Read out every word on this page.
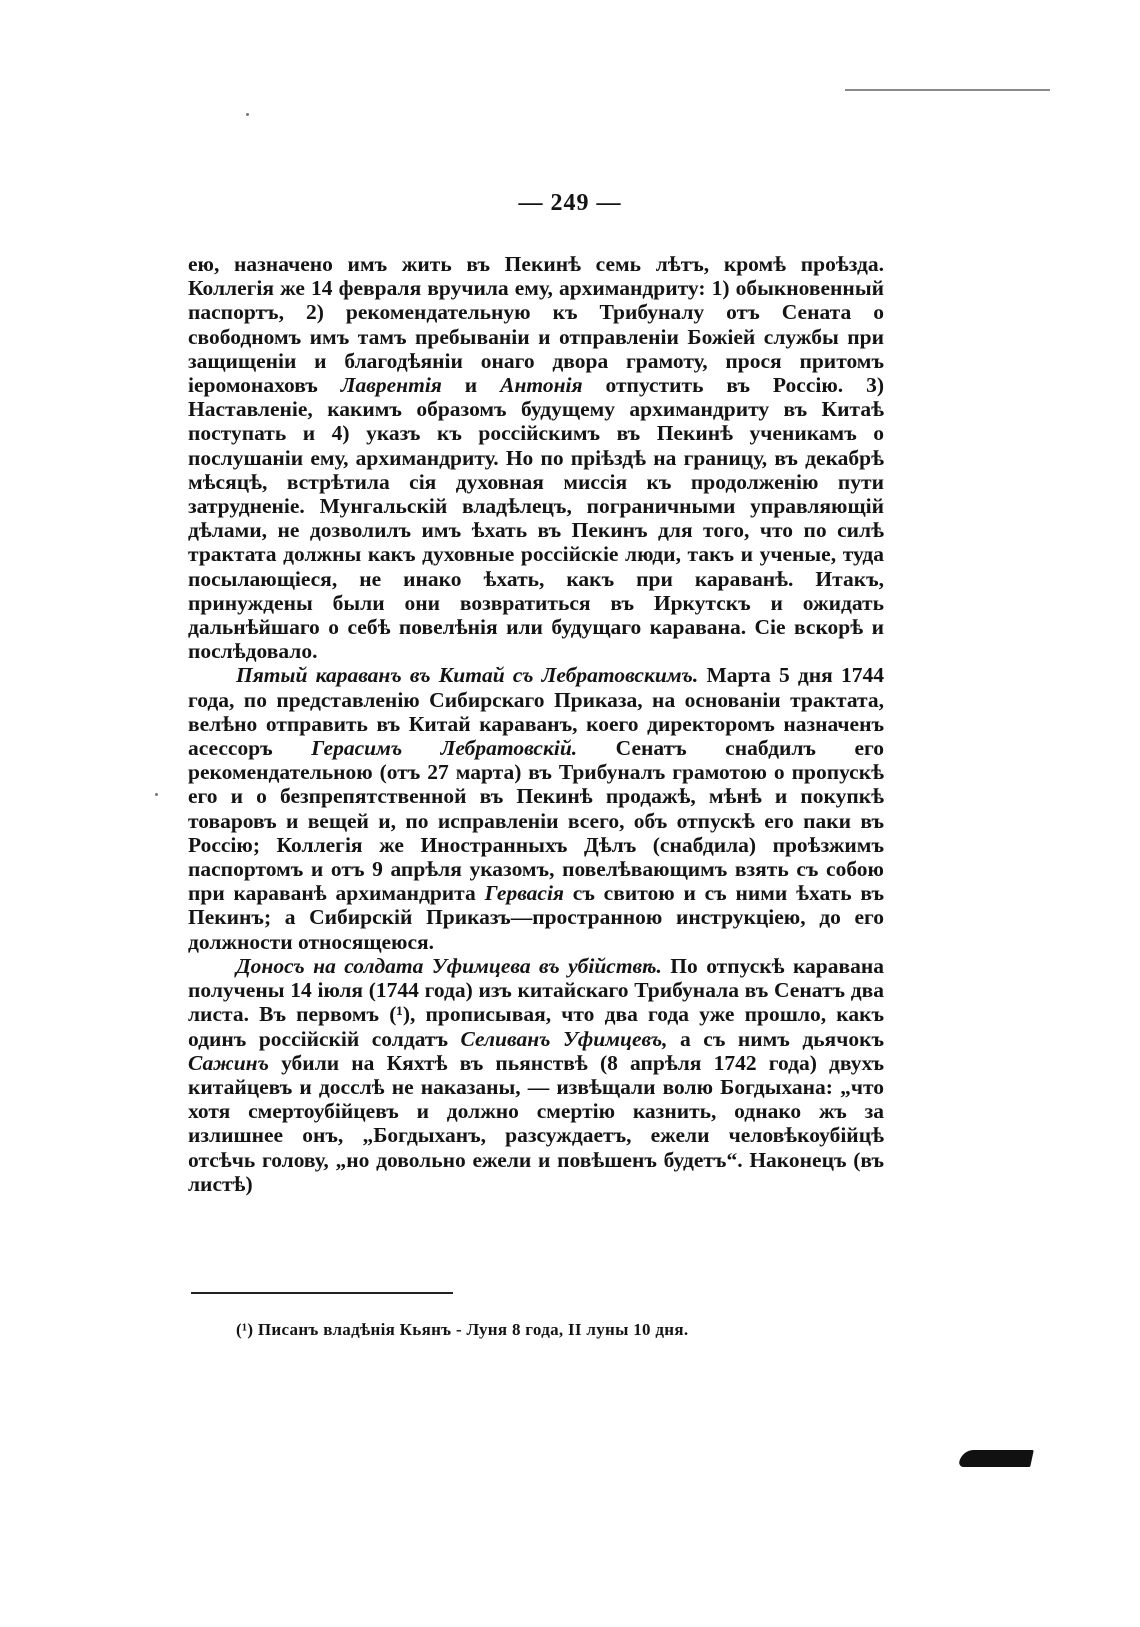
— 249 —

ею, назначено имъ жить въ Пекинѣ семь лѣтъ, кромѣ проѣзда. Коллегія же 14 февраля вручила ему, архимандриту: 1) обыкновенный паспортъ, 2) рекомендательную къ Трибуналу отъ Сената о свободномъ имъ тамъ пребываніи и отправленіи Божіей службы при защищеніи и благодѣяніи онаго двора грамоту, прося притомъ іеромонаховъ Лаврентія и Антонія отпустить въ Россію. 3) Наставленіе, какимъ образомъ будущему архимандриту въ Китаѣ поступать и 4) указъ къ россійскимъ въ Пекинѣ ученикамъ о послушаніи ему, архимандриту. Но по пріѣздѣ на границу, въ декабрѣ мѣсяцѣ, встрѣтила сія духовная миссія къ продолженію пути затрудненіе. Мунгальскій владѣлецъ, пограничными управляющій дѣлами, не дозволилъ имъ ѣхать въ Пекинъ для того, что по силѣ трактата должны какъ духовные россійскіе люди, такъ и ученые, туда посылающіеся, не инако ѣхать, какъ при караванѣ. Итакъ, принуждены были они возвратиться въ Иркутскъ и ожидать дальнѣйшаго о себѣ повелѣнія или будущаго каравана. Сіе вскорѣ и послѣдовало.

Пятый караванъ въ Китай съ Лебратовскимъ. Марта 5 дня 1744 года, по представленію Сибирскаго Приказа, на основаніи трактата, велѣно отправить въ Китай караванъ, коего директоромъ назначенъ асессоръ Герасимъ Лебратовскій. Сенатъ снабдилъ его рекомендательною (отъ 27 марта) въ Трибуналъ грамотою о пропускѣ его и о безпрепятственной въ Пекинѣ продажѣ, мѣнѣ и покупкѣ товаровъ и вещей и, по исправленіи всего, объ отпускѣ его паки въ Россію; Коллегія же Иностранныхъ Дѣлъ (снабдила) проѣзжимъ паспортомъ и отъ 9 апрѣля указомъ, повелѣвающимъ взять съ собою при караванѣ архимандрита Гервасія съ свитою и съ ними ѣхать въ Пекинъ; а Сибирскій Приказъ—пространною инструкціею, до его должности относящеюся.

Доносъ на солдата Уфимцева въ убійствѣ. По отпускѣ каравана получены 14 іюля (1744 года) изъ китайскаго Трибунала въ Сенатъ два листа. Въ первомъ (¹), прописывая, что два года уже прошло, какъ одинъ россійскій солдатъ Селиванъ Уфимцевъ, а съ нимъ дьячокъ Сажинъ убили на Кяхтѣ въ пьянствѣ (8 апрѣля 1742 года) двухъ китайцевъ и досслѣ не наказаны, — извѣщали волю Богдыхана: „что хотя смертоубійцевъ и должно смертію казнить, однако жъ за излишнее онъ, „Богдыханъ, разсуждаетъ, ежели человѣкоубійцѣ отсѣчь голову, „но довольно ежели и повѣшенъ будетъ“. Наконецъ (въ листѣ)

(¹) Писанъ владѣнія Кьянъ - Луня 8 года, II луны 10 дня.
